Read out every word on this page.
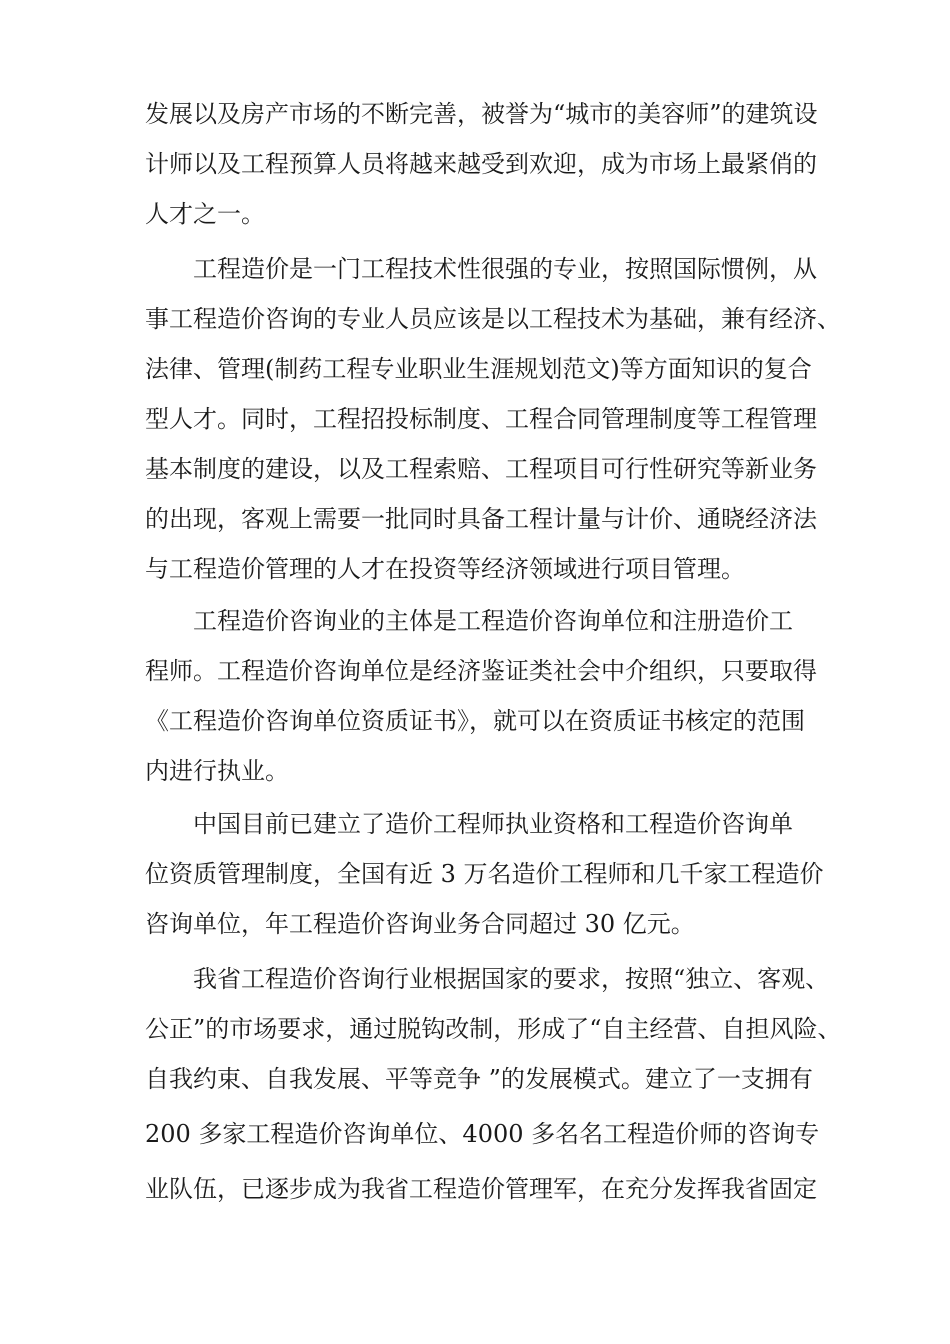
发展以及房产市场的不断完善，被誉为“城市的美容师”的建筑设
计师以及工程预算人员将越来越受到欢迎，成为市场上最紧俏的
人才之一。
工程造价是一门工程技术性很强的专业，按照国际惯例，从
事工程造价咨询的专业人员应该是以工程技术为基础，兼有经济、
法律、管理(制药工程专业职业生涯规划范文)等方面知识的复合
型人才。同时，工程招投标制度、工程合同管理制度等工程管理
基本制度的建设，以及工程索赔、工程项目可行性研究等新业务
的出现，客观上需要一批同时具备工程计量与计价、通晓经济法
与工程造价管理的人才在投资等经济领域进行项目管理。
工程造价咨询业的主体是工程造价咨询单位和注册造价工
程师。工程造价咨询单位是经济鉴证类社会中介组织，只要取得
《工程造价咨询单位资质证书》，就可以在资质证书核定的范围
内进行执业。
中国目前已建立了造价工程师执业资格和工程造价咨询单
位资质管理制度，全国有近 3 万名造价工程师和几千家工程造价
咨询单位，年工程造价咨询业务合同超过 30 亿元。
我省工程造价咨询行业根据国家的要求，按照“独立、客观、
公正”的市场要求，通过脱钩改制，形成了“自主经营、自担风险、
自我约束、自我发展、平等竞争 ”的发展模式。建立了一支拥有
200 多家工程造价咨询单位、4000 多名名工程造价师的咨询专
业队伍，已逐步成为我省工程造价管理军，在充分发挥我省固定
